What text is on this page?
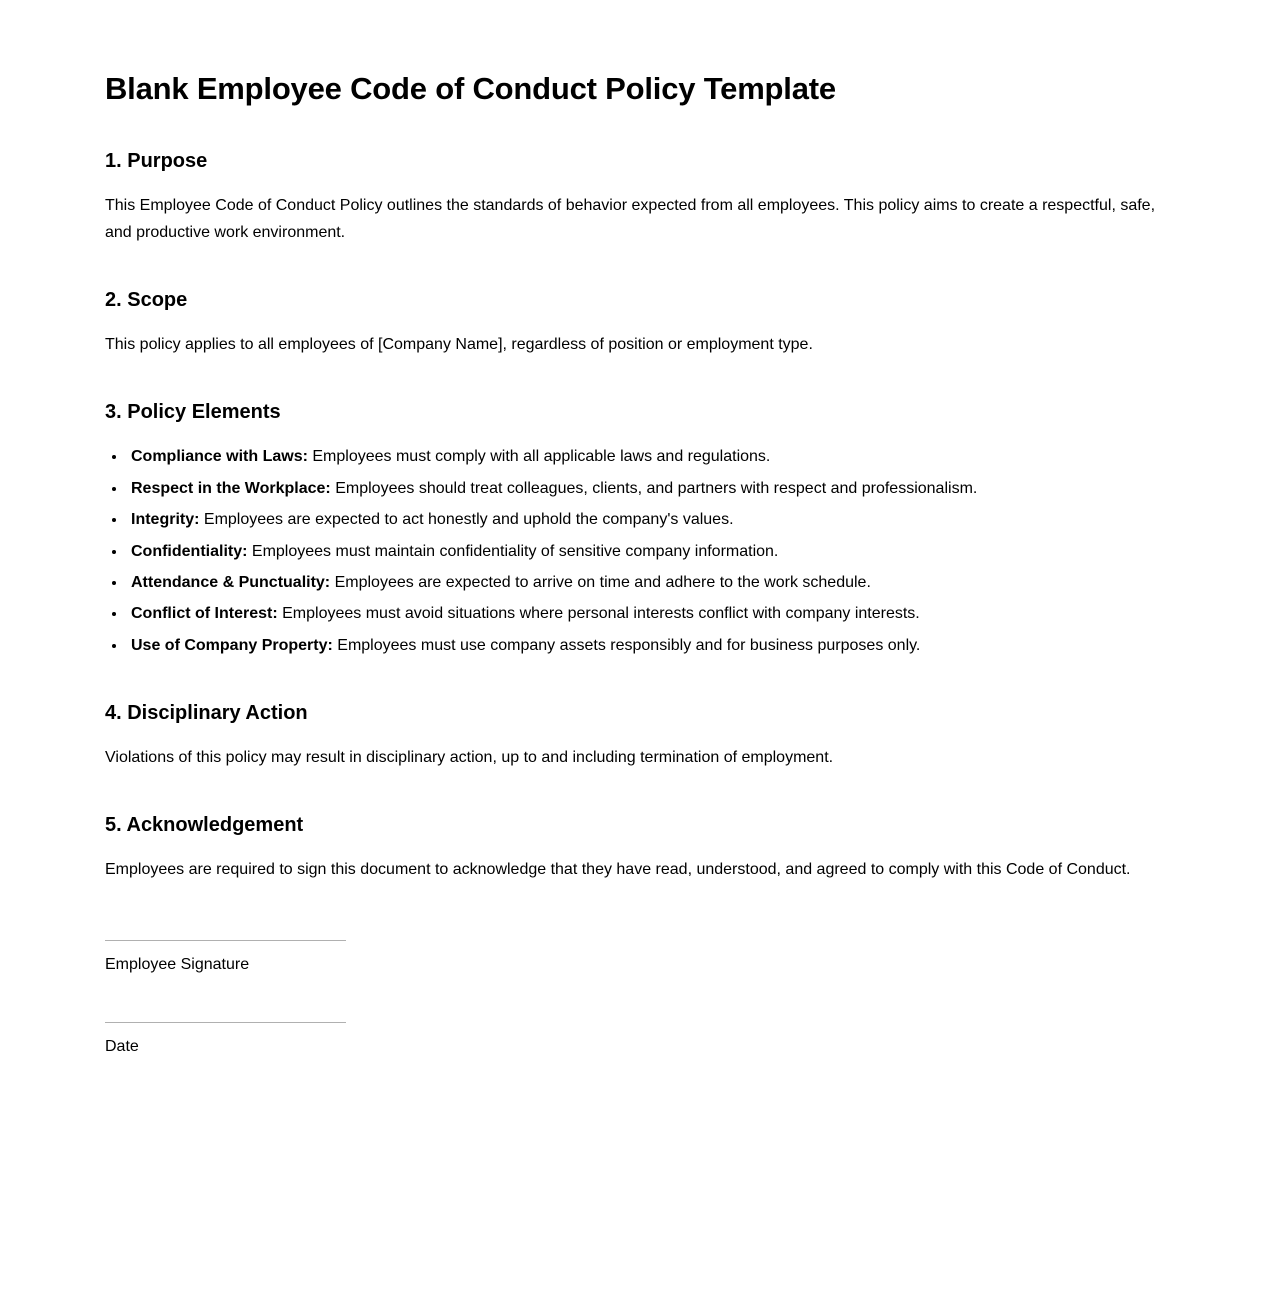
Blank Employee Code of Conduct Policy Template
1. Purpose

This Employee Code of Conduct Policy outlines the standards of behavior expected from all employees. This policy aims to create a respectful, safe, and productive work environment.

2. Scope

This policy applies to all employees of [Company Name], regardless of position or employment type.

3. Policy Elements
• Compliance with Laws: Employees must comply with all applicable laws and regulations.
• Respect in the Workplace: Employees should treat colleagues, clients, and partners with respect and professionalism.
• Integrity: Employees are expected to act honestly and uphold the company's values.
• Confidentiality: Employees must maintain confidentiality of sensitive company information.
• Attendance & Punctuality: Employees are expected to arrive on time and adhere to the work schedule.
• Conflict of Interest: Employees must avoid situations where personal interests conflict with company interests.
• Use of Company Property: Employees must use company assets responsibly and for business purposes only.
4. Disciplinary Action

Violations of this policy may result in disciplinary action, up to and including termination of employment.

5. Acknowledgement

Employees are required to sign this document to acknowledge that they have read, understood, and agreed to comply with this Code of Conduct.

Employee Signature
Date
